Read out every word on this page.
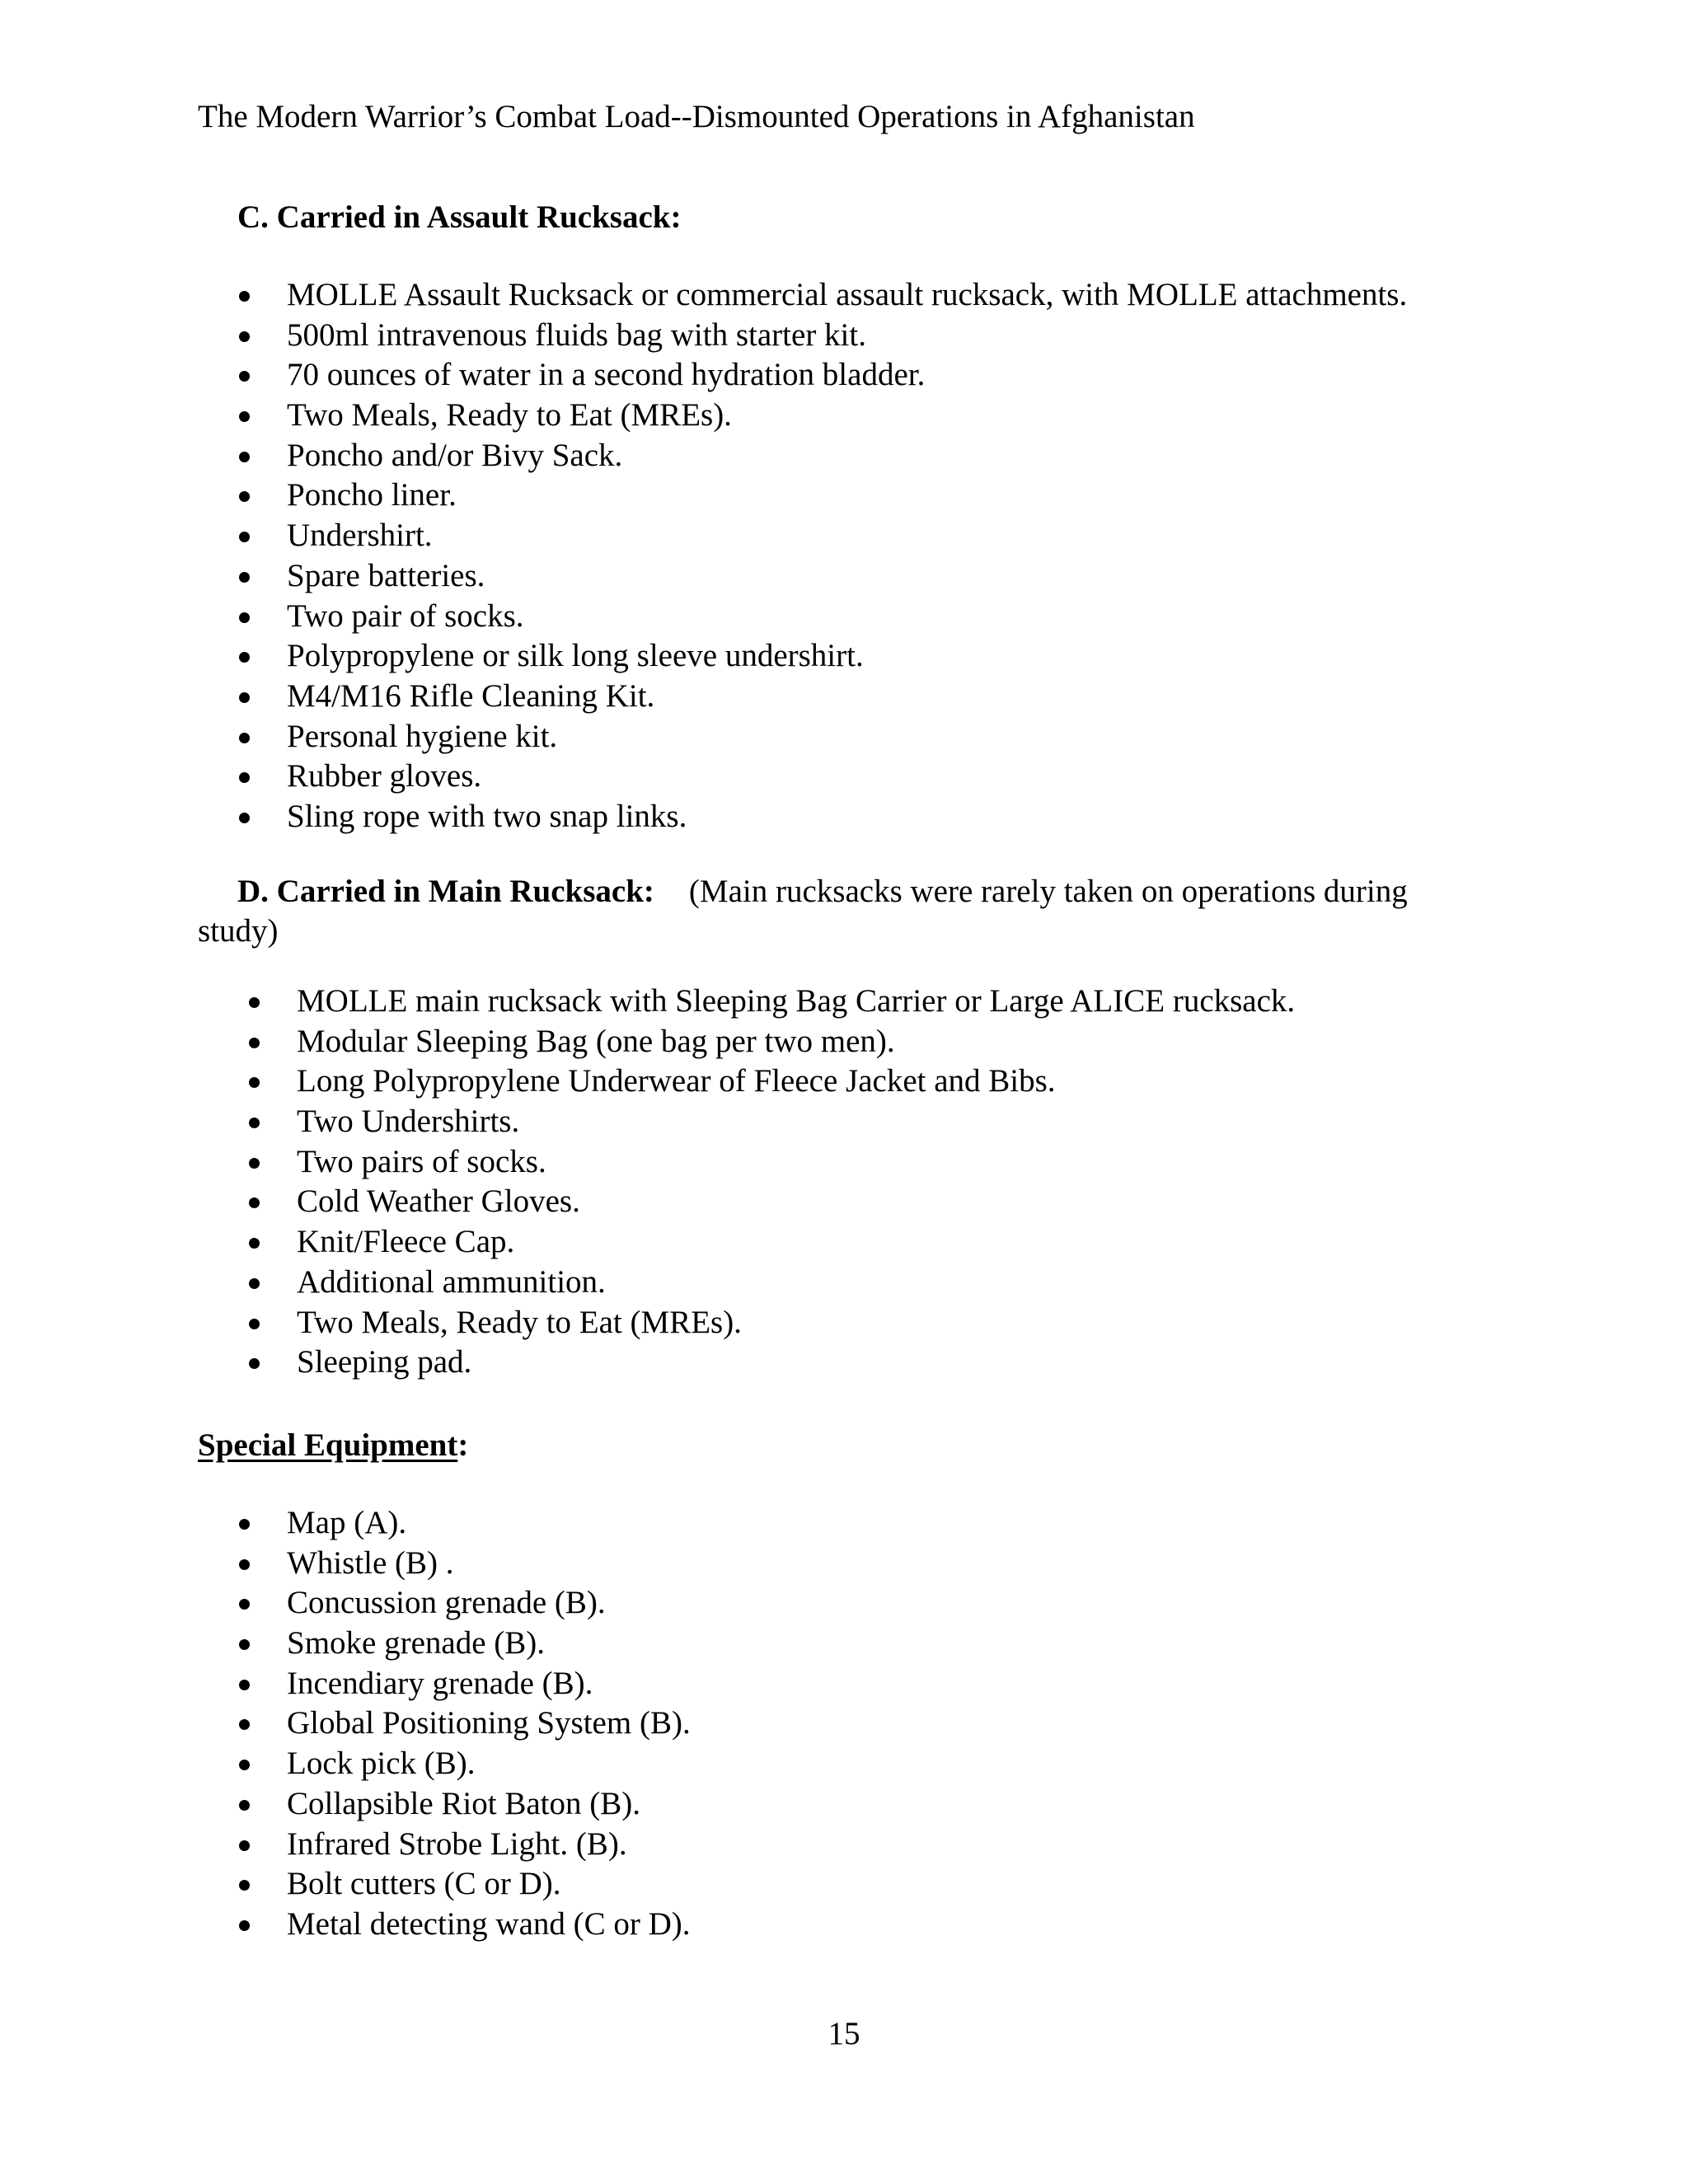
The Modern Warrior’s Combat Load--Dismounted Operations in Afghanistan
C. Carried in Assault Rucksack:
MOLLE Assault Rucksack or commercial assault rucksack, with MOLLE attachments.
500ml intravenous fluids bag with starter kit.
70 ounces of water in a second hydration bladder.
Two Meals, Ready to Eat (MREs).
Poncho and/or Bivy Sack.
Poncho liner.
Undershirt.
Spare batteries.
Two pair of socks.
Polypropylene or silk long sleeve undershirt.
M4/M16 Rifle Cleaning Kit.
Personal hygiene kit.
Rubber gloves.
Sling rope with two snap links.
D. Carried in Main Rucksack: (Main rucksacks were rarely taken on operations during study)
MOLLE main rucksack with Sleeping Bag Carrier or Large ALICE rucksack.
Modular Sleeping Bag (one bag per two men).
Long Polypropylene Underwear of Fleece Jacket and Bibs.
Two Undershirts.
Two pairs of socks.
Cold Weather Gloves.
Knit/Fleece Cap.
Additional ammunition.
Two Meals, Ready to Eat (MREs).
Sleeping pad.
Special Equipment:
Map (A).
Whistle (B) .
Concussion grenade (B).
Smoke grenade (B).
Incendiary grenade (B).
Global Positioning System (B).
Lock pick (B).
Collapsible Riot Baton (B).
Infrared Strobe Light. (B).
Bolt cutters (C or D).
Metal detecting wand (C or D).
15
